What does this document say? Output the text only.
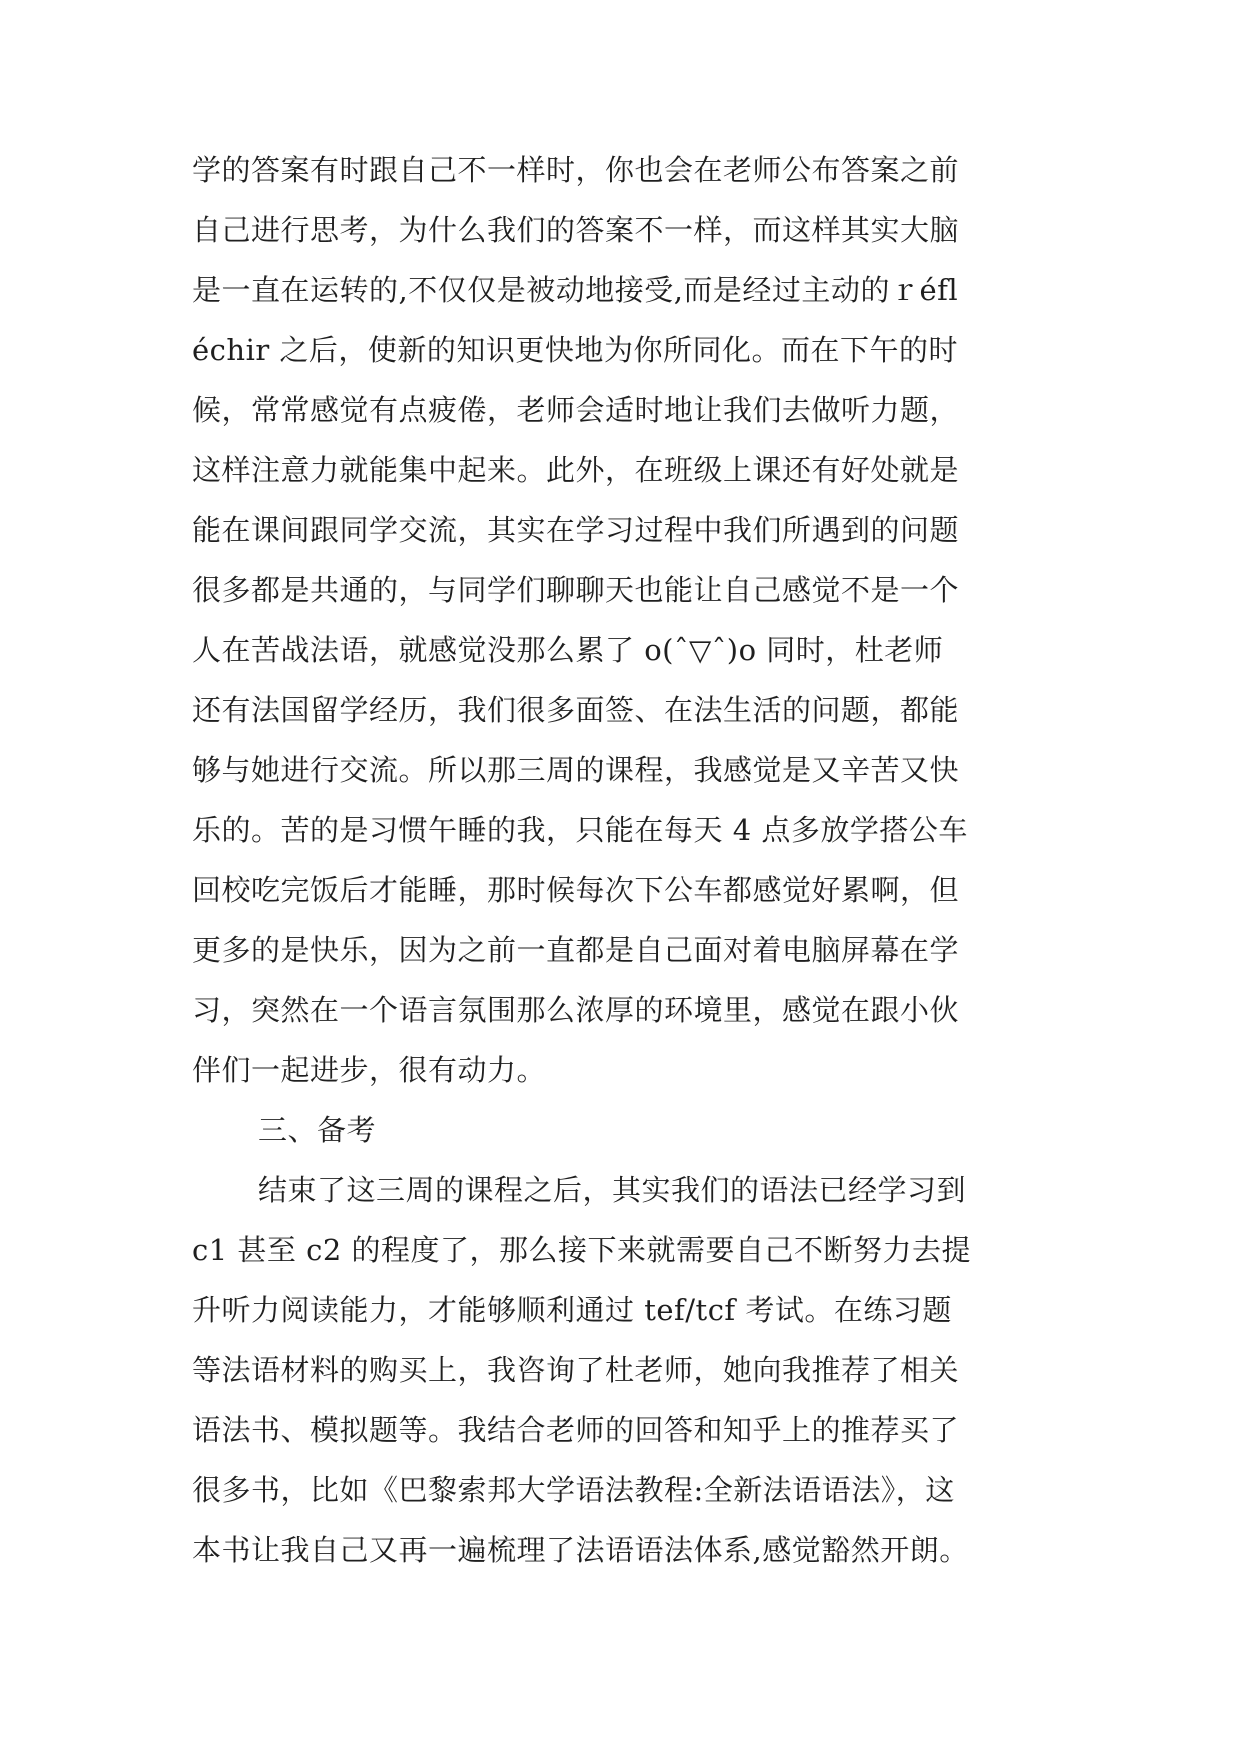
学的答案有时跟自己不一样时，你也会在老师公布答案之前
自己进行思考，为什么我们的答案不一样，而这样其实大脑
是一直在运转的,不仅仅是被动地接受,而是经过主动的ｒéfl
échir 之后，使新的知识更快地为你所同化。而在下午的时
候，常常感觉有点疲倦，老师会适时地让我们去做听力题，
这样注意力就能集中起来。此外，在班级上课还有好处就是
能在课间跟同学交流，其实在学习过程中我们所遇到的问题
很多都是共通的，与同学们聊聊天也能让自己感觉不是一个
人在苦战法语，就感觉没那么累了 o(ˆ▽ˆ)o 同时，杜老师
还有法国留学经历，我们很多面签、在法生活的问题，都能
够与她进行交流。所以那三周的课程，我感觉是又辛苦又快
乐的。苦的是习惯午睡的我，只能在每天 4 点多放学搭公车
回校吃完饭后才能睡，那时候每次下公车都感觉好累啊，但
更多的是快乐，因为之前一直都是自己面对着电脑屏幕在学
习，突然在一个语言氛围那么浓厚的环境里，感觉在跟小伙
伴们一起进步，很有动力。
三、备考
结束了这三周的课程之后，其实我们的语法已经学习到
c1 甚至 c2 的程度了，那么接下来就需要自己不断努力去提
升听力阅读能力，才能够顺利通过 tef/tcf 考试。在练习题
等法语材料的购买上，我咨询了杜老师，她向我推荐了相关
语法书、模拟题等。我结合老师的回答和知乎上的推荐买了
很多书，比如《巴黎索邦大学语法教程:全新法语语法》，这
本书让我自己又再一遍梳理了法语语法体系,感觉豁然开朗。
